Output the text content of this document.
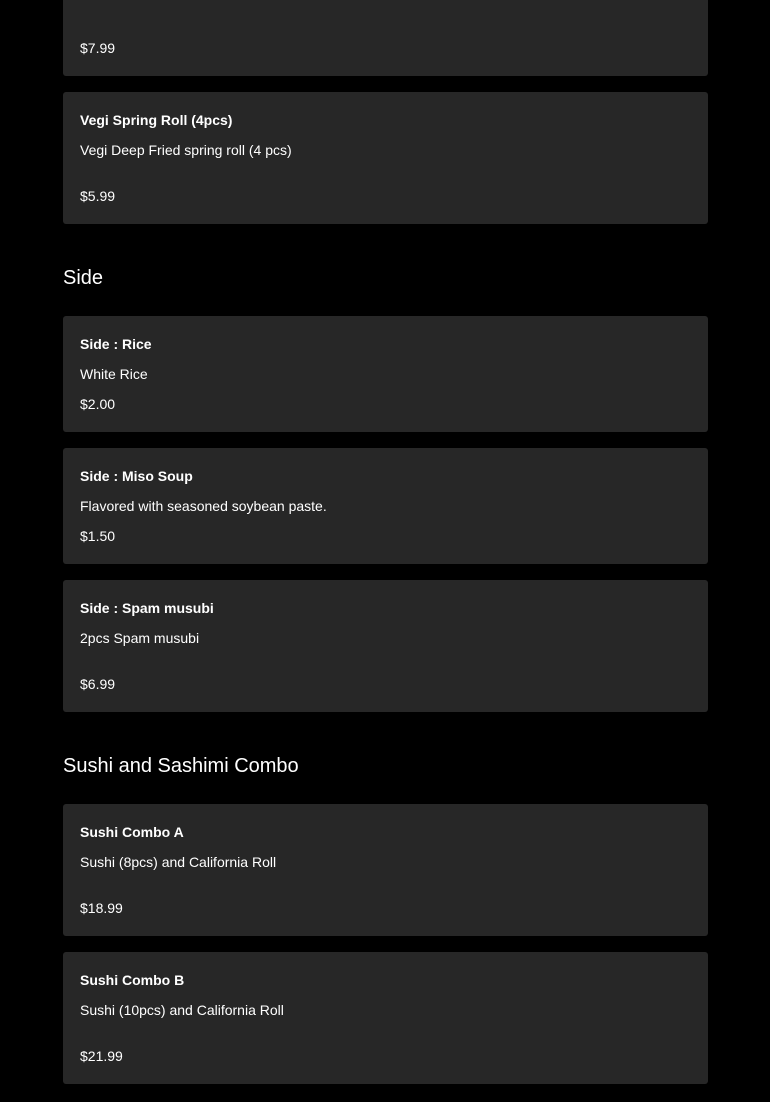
$7.99
Vegi Spring Roll (4pcs)
Vegi Deep Fried spring roll (4 pcs)
$5.99
Side
Side : Rice
White Rice
$2.00
Side : Miso Soup
Flavored with seasoned soybean paste.
$1.50
Side : Spam musubi
2pcs Spam musubi
$6.99
Sushi and Sashimi Combo
Sushi Combo A
Sushi (8pcs) and California Roll
$18.99
Sushi Combo B
Sushi (10pcs) and California Roll
$21.99
